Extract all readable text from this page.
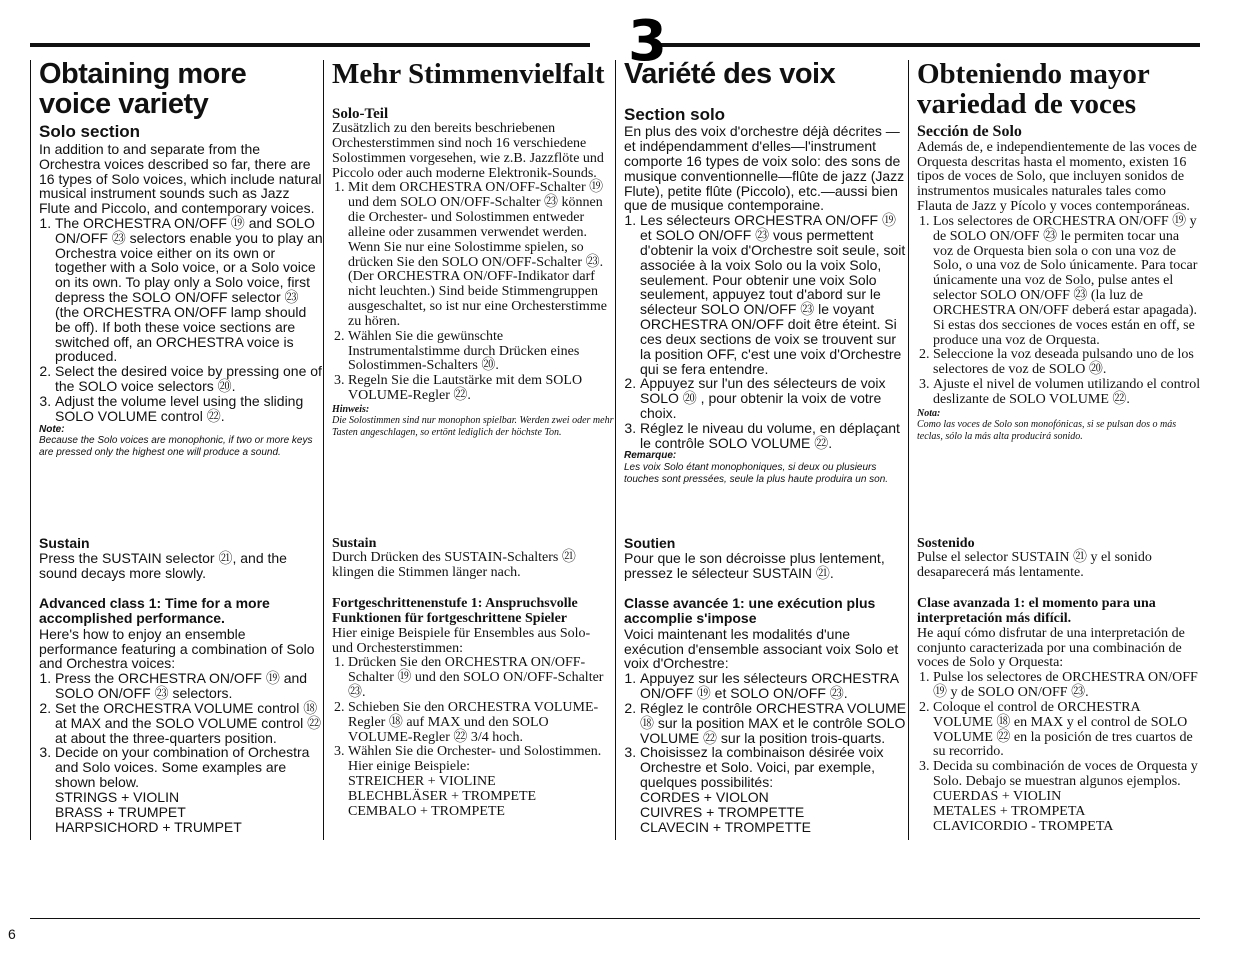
3
Obtaining more voice variety
Solo section

In addition to and separate from the Orchestra voices described so far, there are 16 types of Solo voices, which include natural musical instrument sounds such as Jazz Flute and Piccolo, and contemporary voices.

1. The ORCHESTRA ON/OFF ⑲ and SOLO ON/OFF ㉓ selectors enable you to play an Orchestra voice either on its own or together with a Solo voice, or a Solo voice on its own. To play only a Solo voice, first depress the SOLO ON/OFF selector ㉓ (the ORCHESTRA ON/OFF lamp should be off). If both these voice sections are switched off, an ORCHESTRA voice is produced.
2. Select the desired voice by pressing one of the SOLO voice selectors ⑳.
3. Adjust the volume level using the sliding SOLO VOLUME control ㉒.
Note:
Because the Solo voices are monophonic, if two or more keys are pressed only the highest one will produce a sound.
Sustain

Press the SUSTAIN selector ㉑, and the sound decays more slowly.

Advanced class 1: Time for a more accomplished performance.

Here's how to enjoy an ensemble performance featuring a combination of Solo and Orchestra voices:

1. Press the ORCHESTRA ON/OFF ⑲ and SOLO ON/OFF ㉓ selectors.
2. Set the ORCHESTRA VOLUME control ⑱ at MAX and the SOLO VOLUME control ㉒ at about the three-quarters position.
3. Decide on your combination of Orchestra and Solo voices. Some examples are shown below.
STRINGS + VIOLIN
BRASS + TRUMPET
HARPSICHORD + TRUMPET
Mehr Stimmenvielfalt
Solo-Teil

Zusätzlich zu den bereits beschriebenen Orchesterstimmen sind noch 16 verschiedene Solostimmen vorgesehen, wie z.B. Jazzflöte und Piccolo oder auch moderne Elektronik-Sounds.

1. Mit dem ORCHESTRA ON/OFF-Schalter ⑲ und dem SOLO ON/OFF-Schalter ㉓ können die Orchester- und Solostimmen entweder alleine oder zusammen verwendet werden. Wenn Sie nur eine Solostimme spielen, so drücken Sie den SOLO ON/OFF-Schalter ㉓. (Der ORCHESTRA ON/OFF-Indikator darf nicht leuchten.) Sind beide Stimmengruppen ausgeschaltet, so ist nur eine Orchesterstimme zu hören.
2. Wählen Sie die gewünschte Instrumentalstimme durch Drücken eines Solostimmen-Schalters ⑳.
3. Regeln Sie die Lautstärke mit dem SOLO VOLUME-Regler ㉒.
Hinweis:
Die Solostimmen sind nur monophon spielbar. Werden zwei oder mehr Tasten angeschlagen, so ertönt lediglich der höchste Ton.
Sustain

Durch Drücken des SUSTAIN-Schalters ㉑ klingen die Stimmen länger nach.

Fortgeschrittenenstufe 1: Anspruchsvolle Funktionen für fortgeschrittene Spieler

Hier einige Beispiele für Ensembles aus Solo- und Orchesterstimmen:

1. Drücken Sie den ORCHESTRA ON/OFF-Schalter ⑲ und den SOLO ON/OFF-Schalter ㉓.
2. Schieben Sie den ORCHESTRA VOLUME-Regler ⑱ auf MAX und den SOLO VOLUME-Regler ㉒ 3/4 hoch.
3. Wählen Sie die Orchester- und Solostimmen. Hier einige Beispiele:
STREICHER + VIOLINE
BLECHBLÄSER + TROMPETE
CEMBALO + TROMPETE
Variété des voix
Section solo

En plus des voix d'orchestre déjà décrites —et indépendamment d'elles—l'instrument comporte 16 types de voix solo: des sons de musique conventionnelle—flûte de jazz (Jazz Flute), petite flûte (Piccolo), etc.—aussi bien que de musique contemporaine.

1. Les sélecteurs ORCHESTRA ON/OFF ⑲ et SOLO ON/OFF ㉓ vous permettent d'obtenir la voix d'Orchestre soit seule, soit associée à la voix Solo ou la voix Solo, seulement. Pour obtenir une voix Solo seulement, appuyez tout d'abord sur le sélecteur SOLO ON/OFF ㉓ le voyant ORCHESTRA ON/OFF doit être éteint. Si ces deux sections de voix se trouvent sur la position OFF, c'est une voix d'Orchestre qui se fera entendre.
2. Appuyez sur l'un des sélecteurs de voix SOLO ⑳ , pour obtenir la voix de votre choix.
3. Réglez le niveau du volume, en déplaçant le contrôle SOLO VOLUME ㉒.
Remarque:
Les voix Solo étant monophoniques, si deux ou plusieurs touches sont pressées, seule la plus haute produira un son.
Soutien

Pour que le son décroisse plus lentement, pressez le sélecteur SUSTAIN ㉑.

Classe avancée 1: une exécution plus accomplie s'impose

Voici maintenant les modalités d'une exécution d'ensemble associant voix Solo et voix d'Orchestre:

1. Appuyez sur les sélecteurs ORCHESTRA ON/OFF ⑲ et SOLO ON/OFF ㉓.
2. Réglez le contrôle ORCHESTRA VOLUME ⑱ sur la position MAX et le contrôle SOLO VOLUME ㉒ sur la position trois-quarts.
3. Choisissez la combinaison désirée voix Orchestre et Solo. Voici, par exemple, quelques possibilités:
CORDES + VIOLON
CUIVRES + TROMPETTE
CLAVECIN + TROMPETTE
Obteniendo mayor variedad de voces
Sección de Solo

Además de, e independientemente de las voces de Orquesta descritas hasta el momento, existen 16 tipos de voces de Solo, que incluyen sonidos de instrumentos musicales naturales tales como Flauta de Jazz y Pícolo y voces contemporáneas.

1. Los selectores de ORCHESTRA ON/OFF ⑲ y de SOLO ON/OFF ㉓ le permiten tocar una voz de Orquesta bien sola o con una voz de Solo, o una voz de Solo únicamente. Para tocar únicamente una voz de Solo, pulse antes el selector SOLO ON/OFF ㉓ (la luz de ORCHESTRA ON/OFF deberá estar apagada). Si estas dos secciones de voces están en off, se produce una voz de Orquesta.
2. Seleccione la voz deseada pulsando uno de los selectores de voz de SOLO ⑳.
3. Ajuste el nivel de volumen utilizando el control deslizante de SOLO VOLUME ㉒.
Nota:
Como las voces de Solo son monofónicas, si se pulsan dos o más teclas, sólo la más alta producirá sonido.
Sostenido

Pulse el selector SUSTAIN ㉑ y el sonido desaparecerá más lentamente.

Clase avanzada 1: el momento para una interpretación más difícil.

He aquí cómo disfrutar de una interpretación de conjunto caracterizada por una combinación de voces de Solo y Orquesta:

1. Pulse los selectores de ORCHESTRA ON/OFF ⑲ y de SOLO ON/OFF ㉓.
2. Coloque el control de ORCHESTRA VOLUME ⑱ en MAX y el control de SOLO VOLUME ㉒ en la posición de tres cuartos de su recorrido.
3. Decida su combinación de voces de Orquesta y Solo. Debajo se muestran algunos ejemplos.
CUERDAS + VIOLIN
METALES + TROMPETA
CLAVICORDIO - TROMPETA
6
